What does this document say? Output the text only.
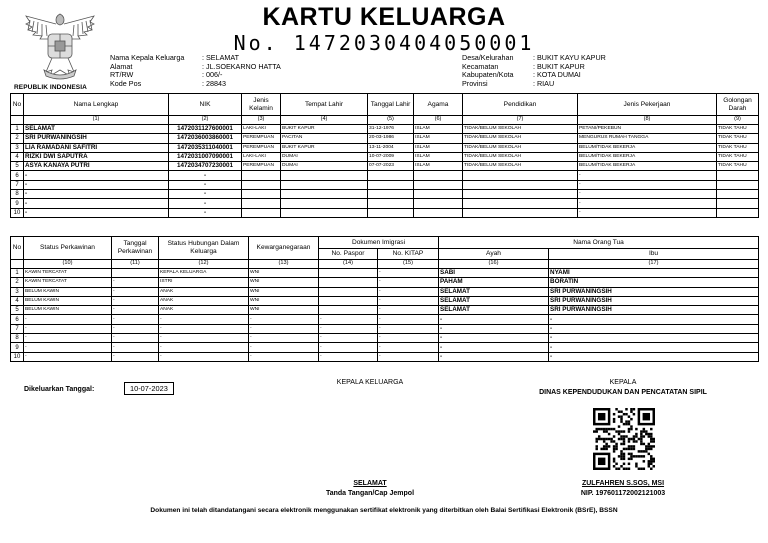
REPUBLIK INDONESIA
KARTU KELUARGA
No. 1472030404050001
Nama Kepala Keluarga	: SELAMAT
Alamat	: JL.SOEKARNO HATTA
RT/RW	: 006/-
Kode Pos	: 28843
Desa/Kelurahan	: BUKIT KAYU KAPUR
Kecamatan	: BUKIT KAPUR
Kabupaten/Kota	: KOTA DUMAI
Provinsi	: RIAU
No	Nama Lengkap	NIK	Jenis Kelamin	Tempat Lahir	Tanggal Lahir	Agama	Pendidikan	Jenis Pekerjaan	Golongan Darah
	(1)	(2)	(3)	(4)	(5)	(6)	(7)	(8)	(9)
1	SELAMAT	1472031127600001	LAKI-LAKI	BUKIT KAPUR	31-12-1976	ISLAM	TIDAK/BELUM SEKOLAH	PETANI/PEKEBUN	TIDAK TAHU
2	SRI PURWANINGSIH	1472036003860001	PEREMPUAN	PACITAN	20-03-1986	ISLAM	TIDAK/BELUM SEKOLAH	MENGURUS RUMAH TANGGA	TIDAK TAHU
3	LIA RAMADANI SAFITRI	1472035311040001	PEREMPUAN	BUKIT KAPUR	13-11-2004	ISLAM	TIDAK/BELUM SEKOLAH	BELUM/TIDAK BEKERJA	TIDAK TAHU
4	RIZKI DWI SAPUTRA	1472031007090001	LAKI-LAKI	DUMAI	10-07-2009	ISLAM	TIDAK/BELUM SEKOLAH	BELUM/TIDAK BEKERJA	TIDAK TAHU
5	ASYA KANAYA PUTRI	1472034707230001	PEREMPUAN	DUMAI	07-07-2023	ISLAM	TIDAK/BELUM SEKOLAH	BELUM/TIDAK BEKERJA	TIDAK TAHU
6	-	-						-	
7	-	-						-	
8	-	-						-	
9	-	-						-	
10	-	-						-	
No	Status Perkawinan	Tanggal Perkawinan	Status Hubungan Dalam Keluarga	Kewarganegaraan	Dokumen Imigrasi		Nama Orang Tua	
					No. Paspor	No. KITAP	Ayah	Ibu
	(10)	(11)	(12)	(13)	(14)	(15)	(16)	(17)
1	KAWIN TERCATAT		KEPALA KELUARGA	WNI		-	SABI	NYAMI
2	KAWIN TERCATAT	-	ISTRI	WNI		-	PAHAM	BORATIN
3	BELUM KAWIN	-	ANAK	WNI		-	SELAMAT	SRI PURWANINGSIH
4	BELUM KAWIN	-	ANAK	WNI		-	SELAMAT	SRI PURWANINGSIH
5	BELUM KAWIN	-	ANAK	WNI		-	SELAMAT	SRI PURWANINGSIH
6	-	-	-	-	-	-	-	-
7	-	-	-	-	-	-	-	-
8	-	-	-	-	-	-	-	-
9	-	-	-	-	-	-	-	-
10	-	-	-	-	-	-	-	-
Dikeluarkan Tanggal:	10-07-2023
KEPALA KELUARGA	KEPALA
DINAS KEPENDUDUKAN DAN PENCATATAN SIPIL
SELAMAT
Tanda Tangan/Cap Jempol
ZULFAHREN S.SOS, MSI
NIP. 197601172002121003
Dokumen ini telah ditandatangani secara elektronik menggunakan sertifikat elektronik yang diterbitkan oleh Balai Sertifikasi Elektronik (BSrE), BSSN
